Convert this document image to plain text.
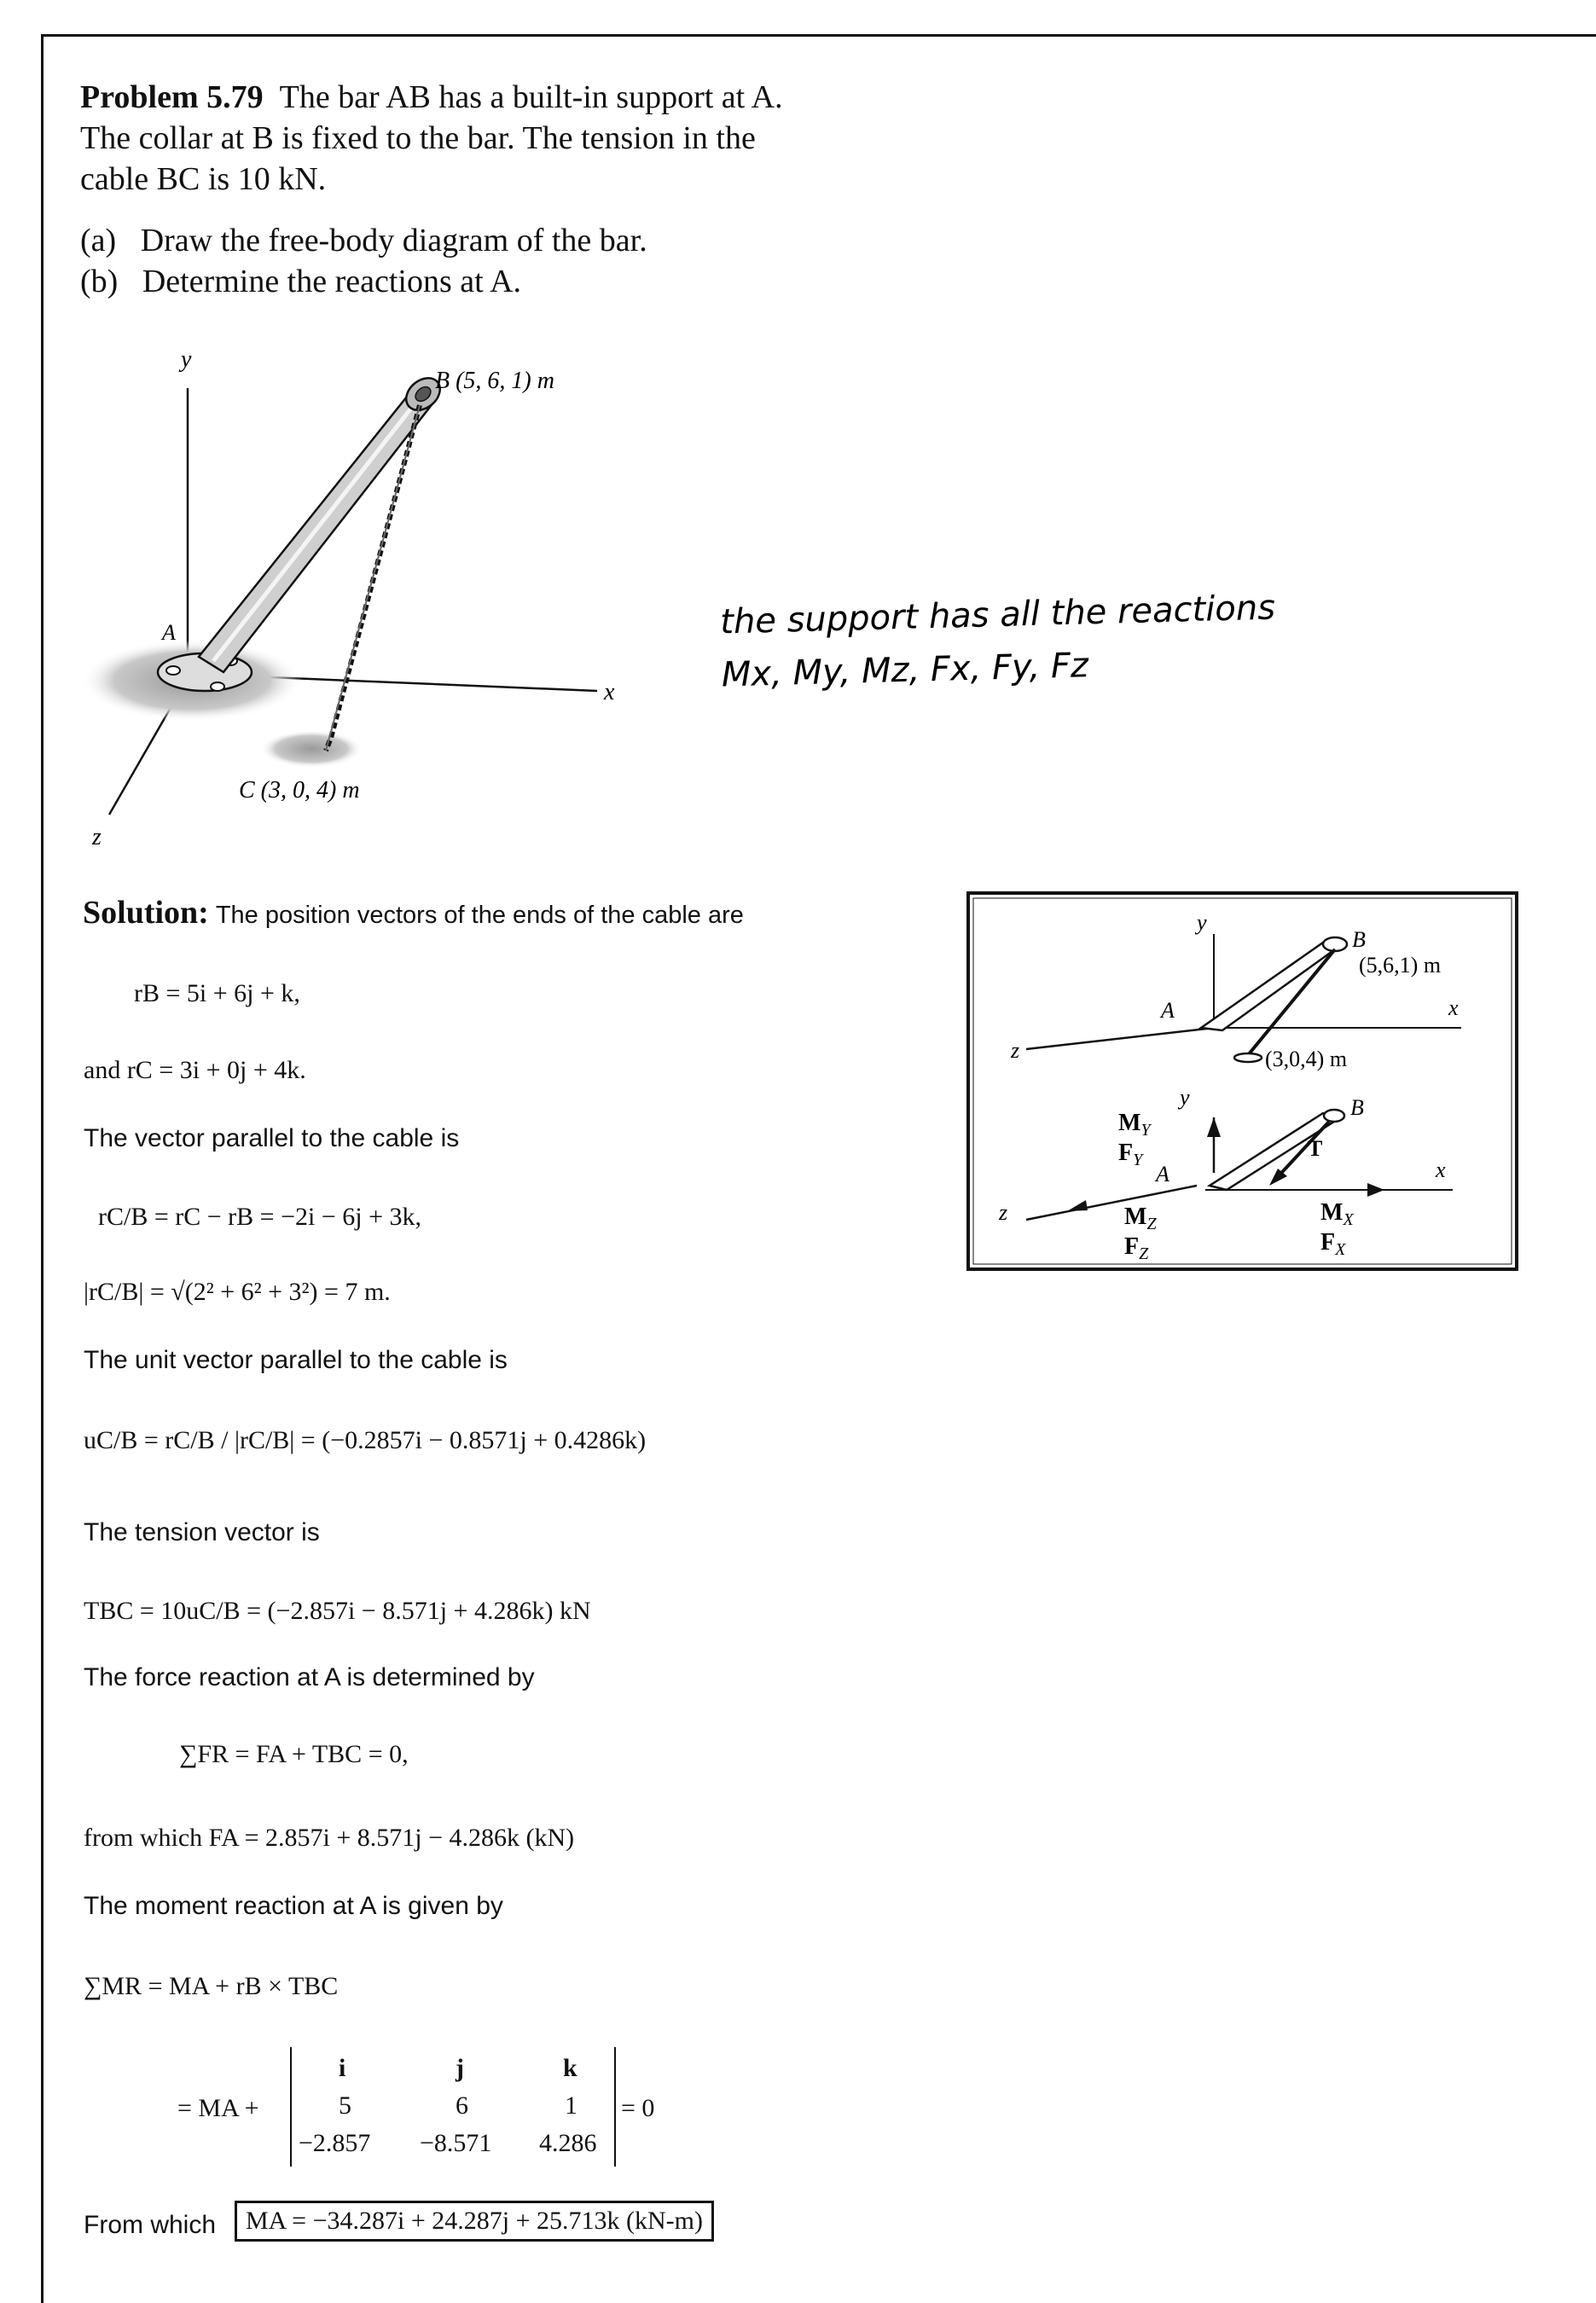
Problem 5.79 The bar AB has a built-in support at A.
The collar at B is fixed to the bar. The tension in the
cable BC is 10 kN.
(a) Draw the free-body diagram of the bar.
(b) Determine the reactions at A.
y
x
z
A
B (5, 6, 1) m
C (3, 0, 4) m
the support has all the reactions
Mx, My, Mz, Fx, Fy, Fz
y
x
z
A
B
(5,6,1) m
(3,0,4) m
y
x
z
A
B
T
$M_Y$
$F_Y$
$M_Z$
$F_Z$
$M_X$
$F_X$
Solution: The position vectors of the ends of the cable are
rB = 5i + 6j + k,
and rC = 3i + 0j + 4k.
The vector parallel to the cable is
rC/B = rC − rB = −2i − 6j + 3k,
|rC/B| = √(2² + 6² + 3²) = 7 m.
The unit vector parallel to the cable is
uC/B = rC/B / |rC/B| = (−0.2857i − 0.8571j + 0.4286k)
The tension vector is
TBC = 10uC/B = (−2.857i − 8.571j + 4.286k) kN
The force reaction at A is determined by
∑FR = FA + TBC = 0,
from which FA = 2.857i + 8.571j − 4.286k (kN)
The moment reaction at A is given by
∑MR = MA + rB × TBC
= MA +
i	j	k
5	6	1
−2.857 −8.571 4.286
= 0
From which	MA = −34.287i + 24.287j + 25.713k (kN-m)
